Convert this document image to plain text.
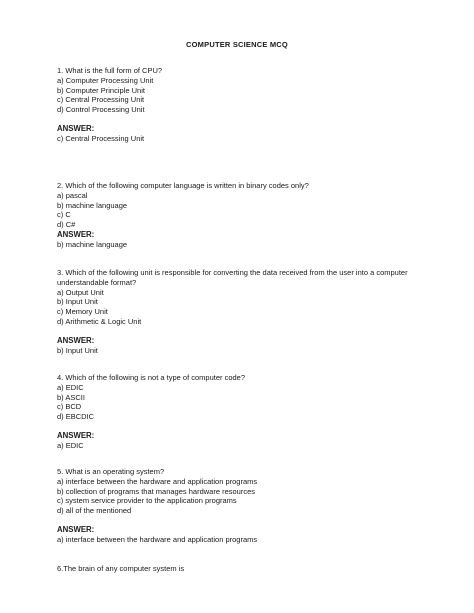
COMPUTER SCIENCE MCQ
1. What is the full form of CPU?
a) Computer Processing Unit
b) Computer Principle Unit
c) Central Processing Unit
d) Control Processing Unit
ANSWER:
c) Central Processing Unit
2. Which of the following computer language is written in binary codes only?
a) pascal
b) machine language
c) C
d) C#
ANSWER:
b) machine language
3. Which of the following unit is responsible for converting the data received from the user into a computer understandable format?
a) Output Unit
b) Input Unit
c) Memory Unit
d) Arithmetic & Logic Unit
ANSWER:
b) Input Unit
4. Which of the following is not a type of computer code?
a) EDIC
b) ASCII
c) BCD
d) EBCDIC
ANSWER:
a) EDIC
5. What is an operating system?
a) interface between the hardware and application programs
b) collection of programs that manages hardware resources
c) system service provider to the application programs
d) all of the mentioned
ANSWER:
a) interface between the hardware and application programs
6.The brain of any computer system is
